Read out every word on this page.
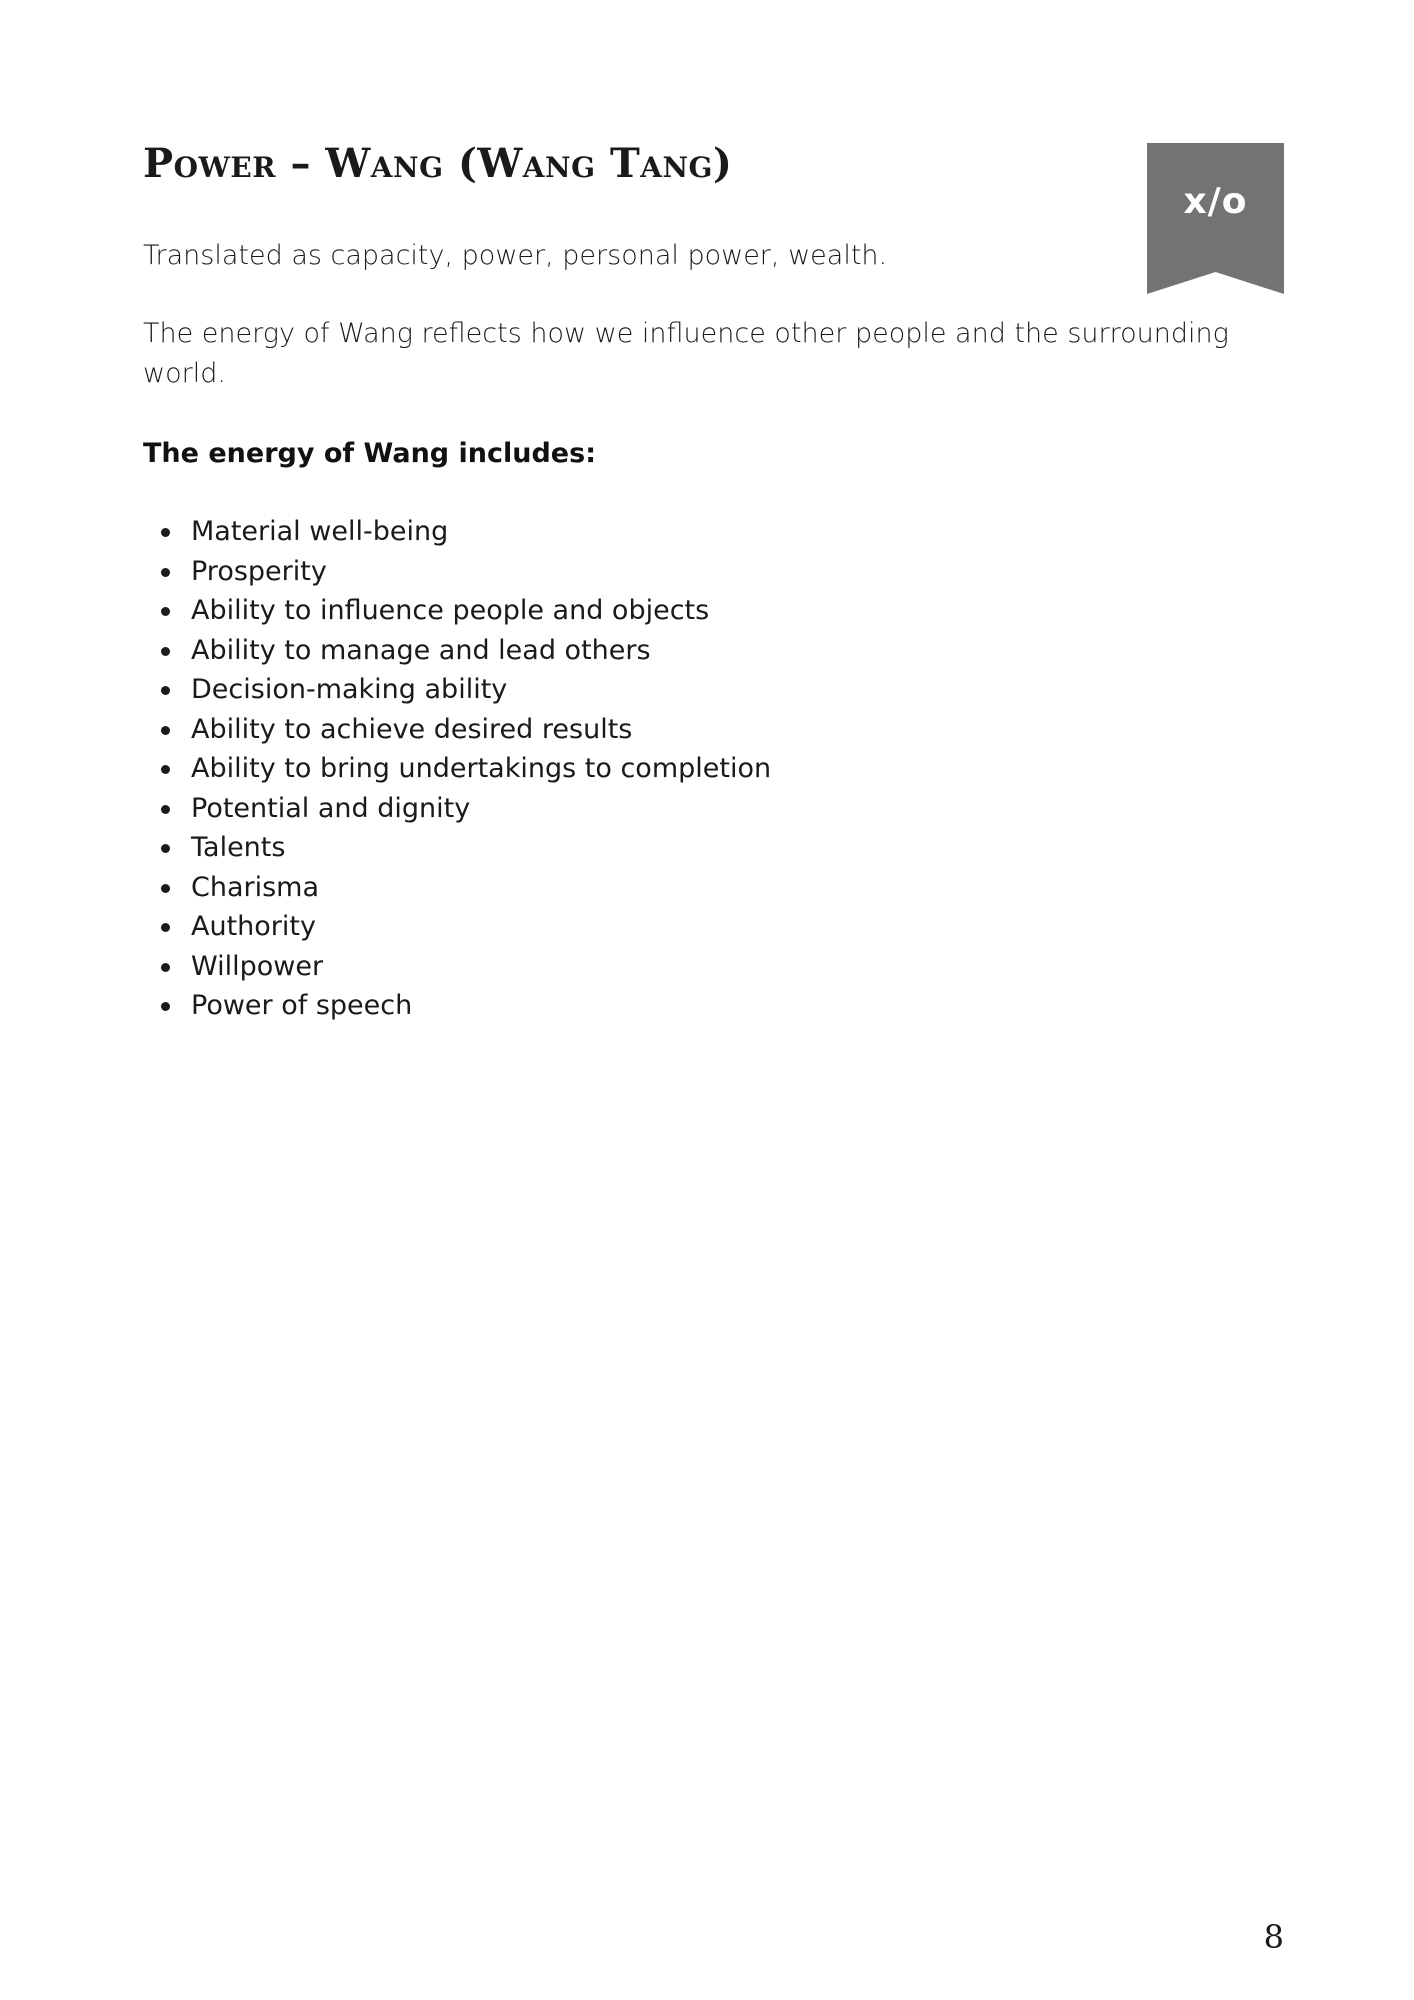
Power – Wang (Wang Tang)
x/o

Translated as capacity, power, personal power, wealth.

The energy of Wang reflects how we influence other people and the surrounding world.

The energy of Wang includes:
Material well-being
Prosperity
Ability to influence people and objects
Ability to manage and lead others
Decision-making ability
Ability to achieve desired results
Ability to bring undertakings to completion
Potential and dignity
Talents
Charisma
Authority
Willpower
Power of speech
8
